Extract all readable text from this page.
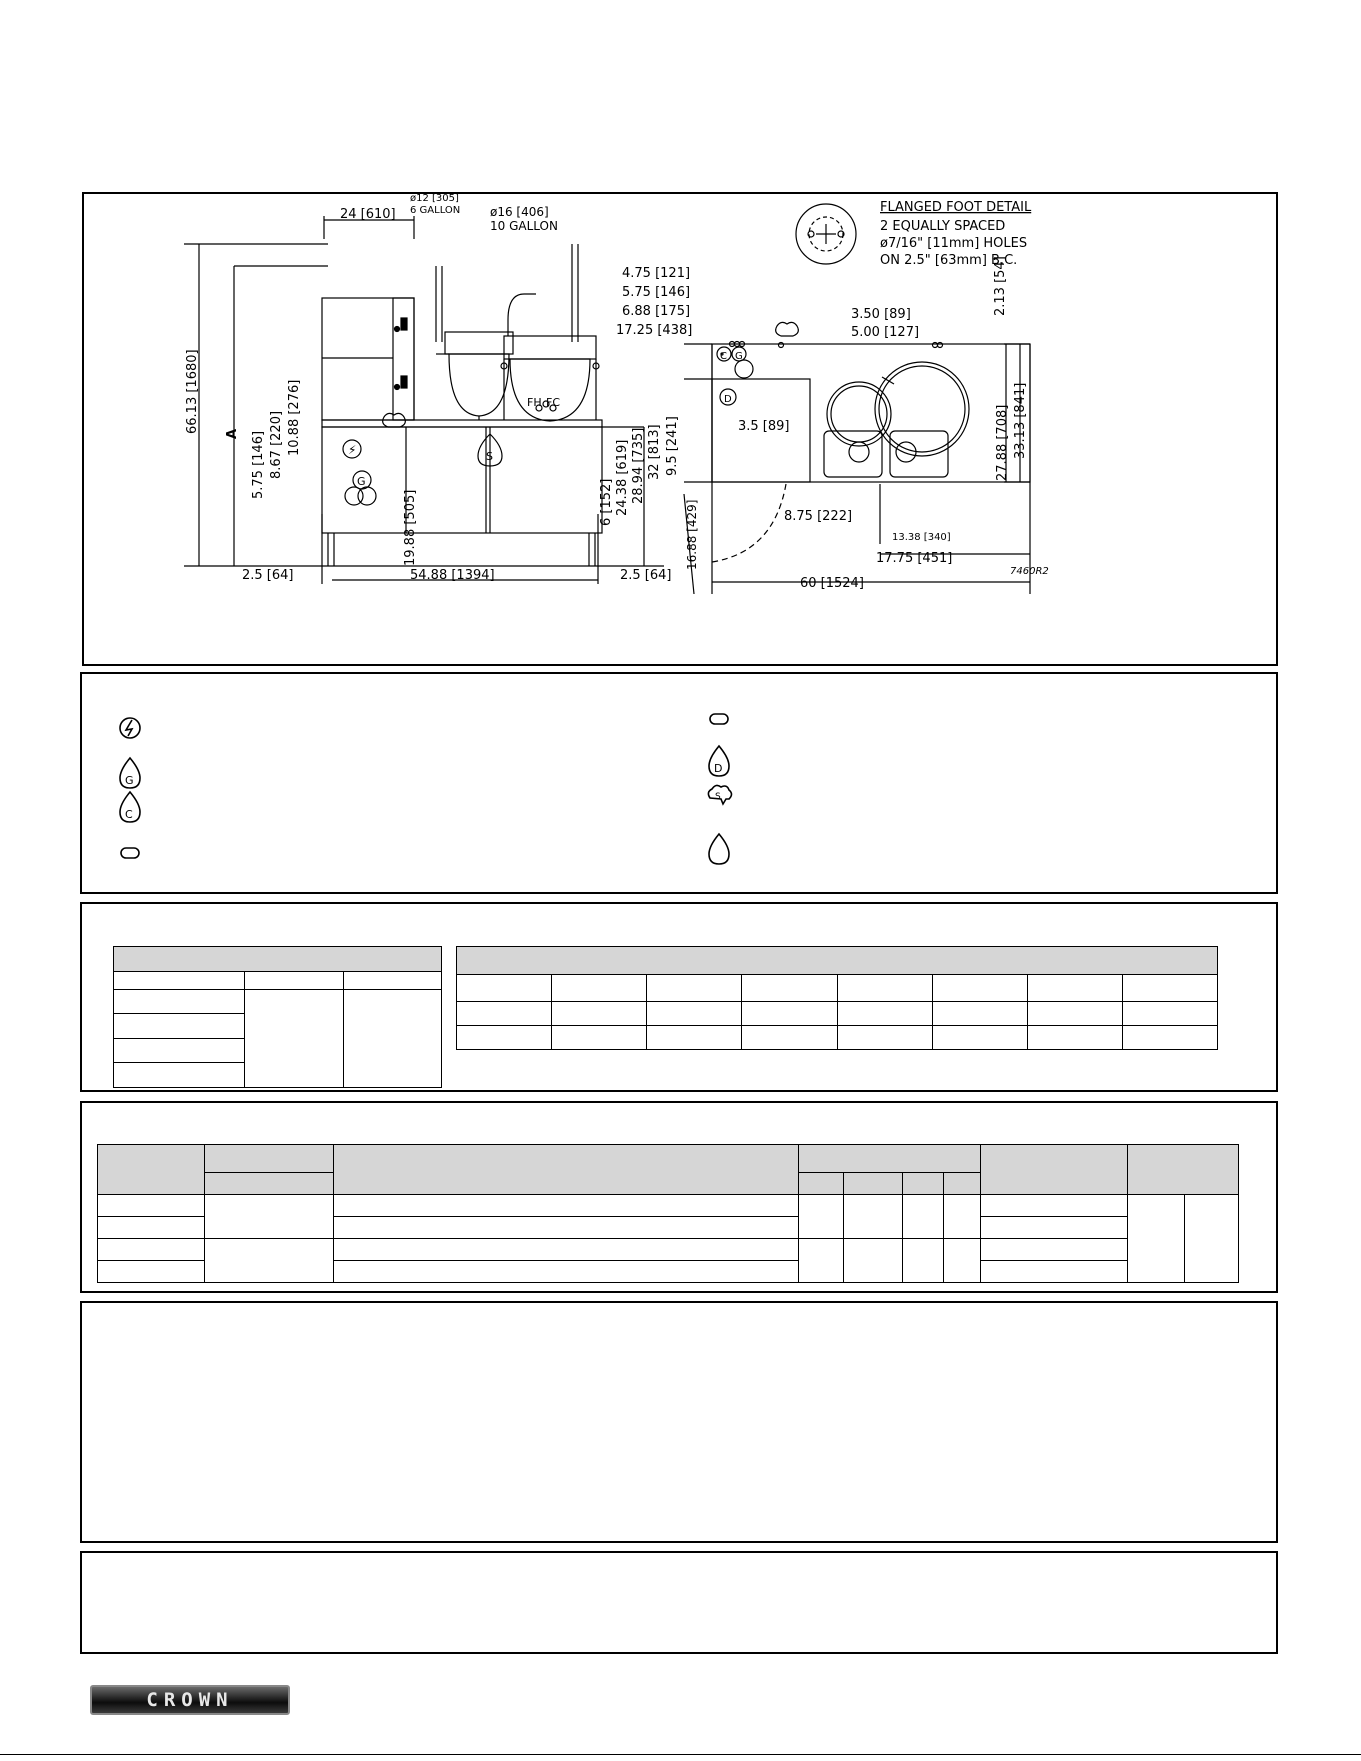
⚡
G
S
FH FC
24 [610]
ø12 [305]
6 GALLON ø16 [406]
10 GALLON
66.13 [1680] A 5.75 [146] 8.67 [220] 10.88 [276]
19.88 [505]	6 [152] 24.38 [619] 28.94 [735] 32 [813]
2.5 [64]	54.88 [1394]	2.5 [64]
FLANGED FOOT DETAIL
2 EQUALLY SPACED
ø7/16" [11mm] HOLES
ON 2.5" [63mm] B.C.
4.75 [121]
5.75 [146]
6.88 [175]
17.25 [438]
3.50 [89]
5.00 [127]
2.13 [54]
27.88 [708] 33.13 [841]
9.5 [241]	3.5 [89]
8.75 [222]
13.38 [340]
16.88 [429]	17.75 [451]
60 [1524]
7460R2
C G
D
G
C
D
S

CROWN
